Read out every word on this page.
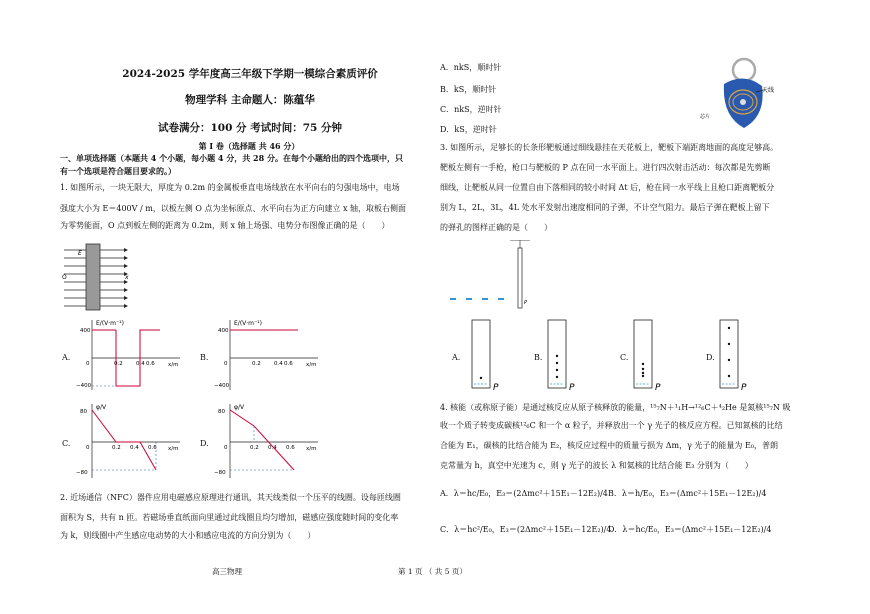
2024-2025 学年度高三年级下学期一模综合素质评价
物理学科 主命题人：陈蕴华
试卷满分：100 分 考试时间：75 分钟
第 I 卷（选择题 共 46 分）
一、单项选择题（本题共 4 个小题，每小题 4 分，共 28 分。在每个小题给出的四个选项中，只
有一个选项是符合题目要求的。）
1. 如图所示，一块无限大，厚度为 0.2m 的金属板垂直电场线放在水平向右的匀强电场中，电场
强度大小为 E＝400V / m，以板左侧 O 点为坐标原点、水平向右为正方向建立 x 轴，取板右侧面
为零势能面，O 点到板左侧的距离为 0.2m，则 x 轴上场强、电势分布图像正确的是（　　）
O
E
x
A.
E/(V·m⁻¹)
400
−400
x/m
0	0.2 0.4 0.6
B.
E/(V·m⁻¹)
400
−400
x/m
0	0.2 0.4 0.6
C.
φ/V
80
−80
x/m
0	0.2 0.4 0.6	D.
φ/V
80
−80
x/m
0	0.2 0.4 0.6
2. 近场通信（NFC）器件应用电磁感应原理进行通讯，其天线类似一个压平的线圈。设每匝线圈
面积为 S，共有 n 匝。若磁场垂直纸面向里通过此线圈且均匀增加，磁感应强度随时间的变化率
为 k，则线圈中产生感应电动势的大小和感应电流的方向分别为（　　）
高三物理	第 1 页 （ 共 5 页）
A．nkS，顺时针
B．kS，顺时针
C．nkS，逆时针
D．kS，逆时针
天线
芯片
3. 如图所示，足够长的长条形靶板通过细线悬挂在天花板上，靶板下端距离地面的高度足够高。
靶板左侧有一手枪，枪口与靶板的 P 点在同一水平面上。进行四次射击活动：每次都是先剪断
细线，让靶板从同一位置自由下落相同的较小时间 Δt 后，枪在同一水平线上且枪口距离靶板分
别为 L，2L，3L，4L 处水平发射出速度相同的子弹，不计空气阻力。最后子弹在靶板上留下
的弹孔的图样正确的是（　　）
P
A.
P
B.
P
C.
P
D.
P
4. 核能（或称原子能）是通过核反应从原子核释放的能量，¹⁵₇N＋¹₁H→¹²₆C＋⁴₂He 是氮核¹⁵₇N 吸
收一个质子转变成碳核¹²₆C 和一个 α 粒子，并释放出一个 γ 光子的核反应方程。已知氮核的比结
合能为 E₁，碳核的比结合能为 E₂，核反应过程中的质量亏损为 Δm，γ 光子的能量为 E₀，普朗
克常量为 h，真空中光速为 c，则 γ 光子的波长 λ 和氦核的比结合能 E₃ 分别为（　　）
A．λ＝hc/E₀，E₃＝(2Δmc²＋15E₁－12E₂)/4 B．λ＝h/E₀，E₃＝(Δmc²＋15E₁－12E₂)/4
C．λ＝hc²/E₀，E₃＝(2Δmc²＋15E₁－12E₂)/4
D．λ＝hc/E₀，E₃＝(Δmc²＋15E₁－12E₂)/4
